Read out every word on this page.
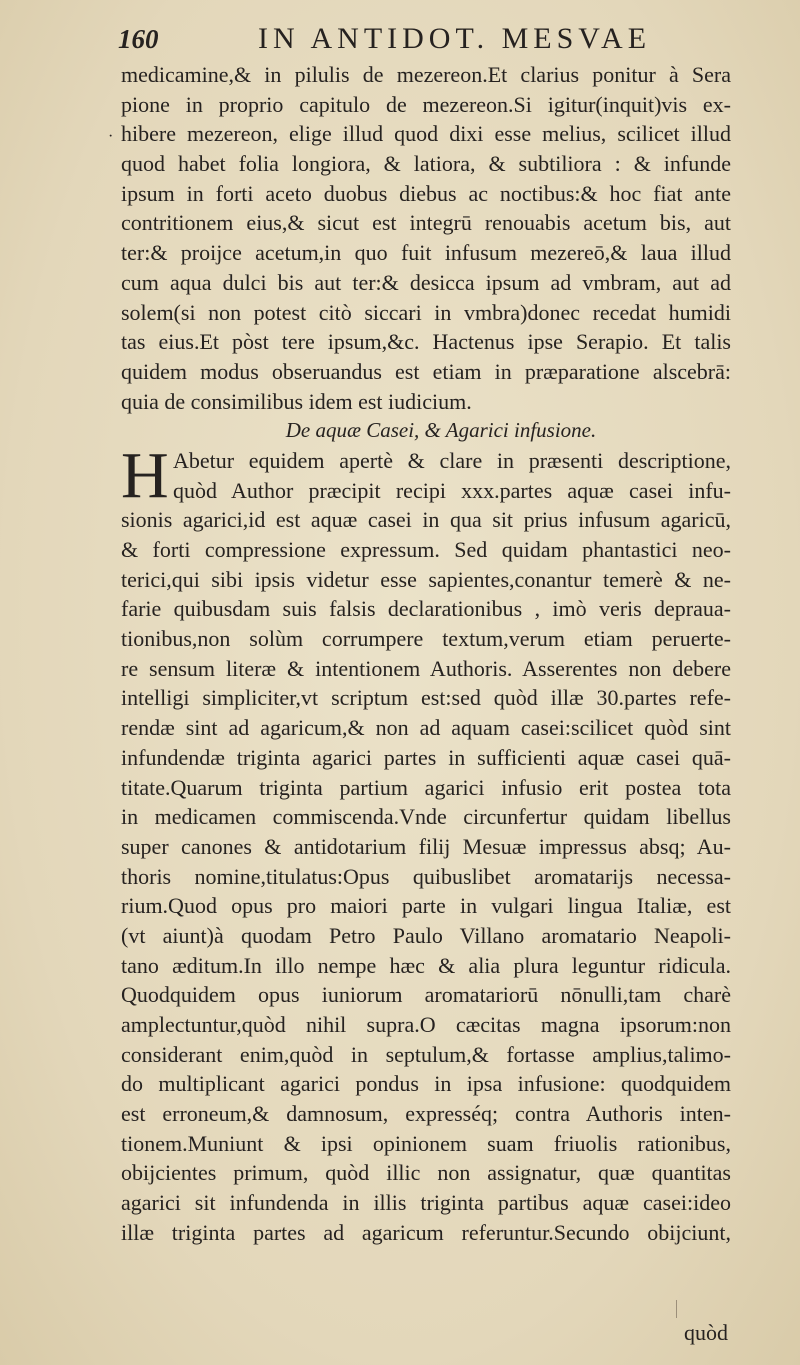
160	IN ANTIDOT. MESVAE
·
medicamine,& in pilulis de mezereon.Et clarius ponitur à Sera
pione in proprio capitulo de mezereon.Si igitur(inquit)vis ex-
hibere mezereon, elige illud quod dixi esse melius, scilicet illud
quod habet folia longiora, & latiora, & subtiliora : & infunde
ipsum in forti aceto duobus diebus ac noctibus:& hoc fiat ante
contritionem eius,& sicut est integrū renouabis acetum bis, aut
ter:& proijce acetum,in quo fuit infusum mezereō,& laua illud
cum aqua dulci bis aut ter:& desicca ipsum ad vmbram, aut ad
solem(si non potest citò siccari in vmbra)donec recedat humidi
tas eius.Et pòst tere ipsum,&c. Hactenus ipse Serapio. Et talis
quidem modus obseruandus est etiam in præparatione alscebrā:
quia de consimilibus idem est iudicium.
De aquæ Casei, & Agarici infusione.
H Abetur equidem apertè & clare in præsenti descriptione,
quòd Author præcipit recipi xxx.partes aquæ casei infu-
sionis agarici,id est aquæ casei in qua sit prius infusum agaricū,
& forti compressione expressum. Sed quidam phantastici neo-
terici,qui sibi ipsis videtur esse sapientes,conantur temerè & ne-
farie quibusdam suis falsis declarationibus , imò veris deprauа-
tionibus,non solùm corrumpere textum,verum etiam peruerte-
re sensum literæ & intentionem Authoris. Asserentes non debere
intelligi simpliciter,vt scriptum est:sed quòd illæ 30.partes refe-
rendæ sint ad agaricum,& non ad aquam casei:scilicet quòd sint
infundendæ triginta agarici partes in sufficienti aquæ casei quā-
titate.Quarum triginta partium agarici infusio erit postea tota
in medicamen commiscenda.Vnde circunfertur quidam libellus
super canones & antidotarium filij Mesuæ impressus absq; Au-
thoris nomine,titulatus:Opus quibuslibet aromatarijs necessa-
rium.Quod opus pro maiori parte in vulgari lingua Italiæ, est
(vt aiunt)à quodam Petro Paulo Villano aromatario Neapoli-
tano æditum.In illo nempe hæc & alia plura leguntur ridicula.
Quodquidem opus iuniorum aromatariorū nōnulli,tam charè
amplectuntur,quòd nihil supra.O cæcitas magna ipsorum:non
considerant enim,quòd in septulum,& fortasse amplius,talimo-
do multiplicant agarici pondus in ipsa infusione: quodquidem
est erroneum,& damnosum, expresséq; contra Authoris inten-
tionem.Muniunt & ipsi opinionem suam friuolis rationibus,
obijcientes primum, quòd illic non assignatur, quæ quantitas
agarici sit infundenda in illis triginta partibus aquæ casei:ideo
illæ triginta partes ad agaricum referuntur.Secundo obijciunt,
quòd
